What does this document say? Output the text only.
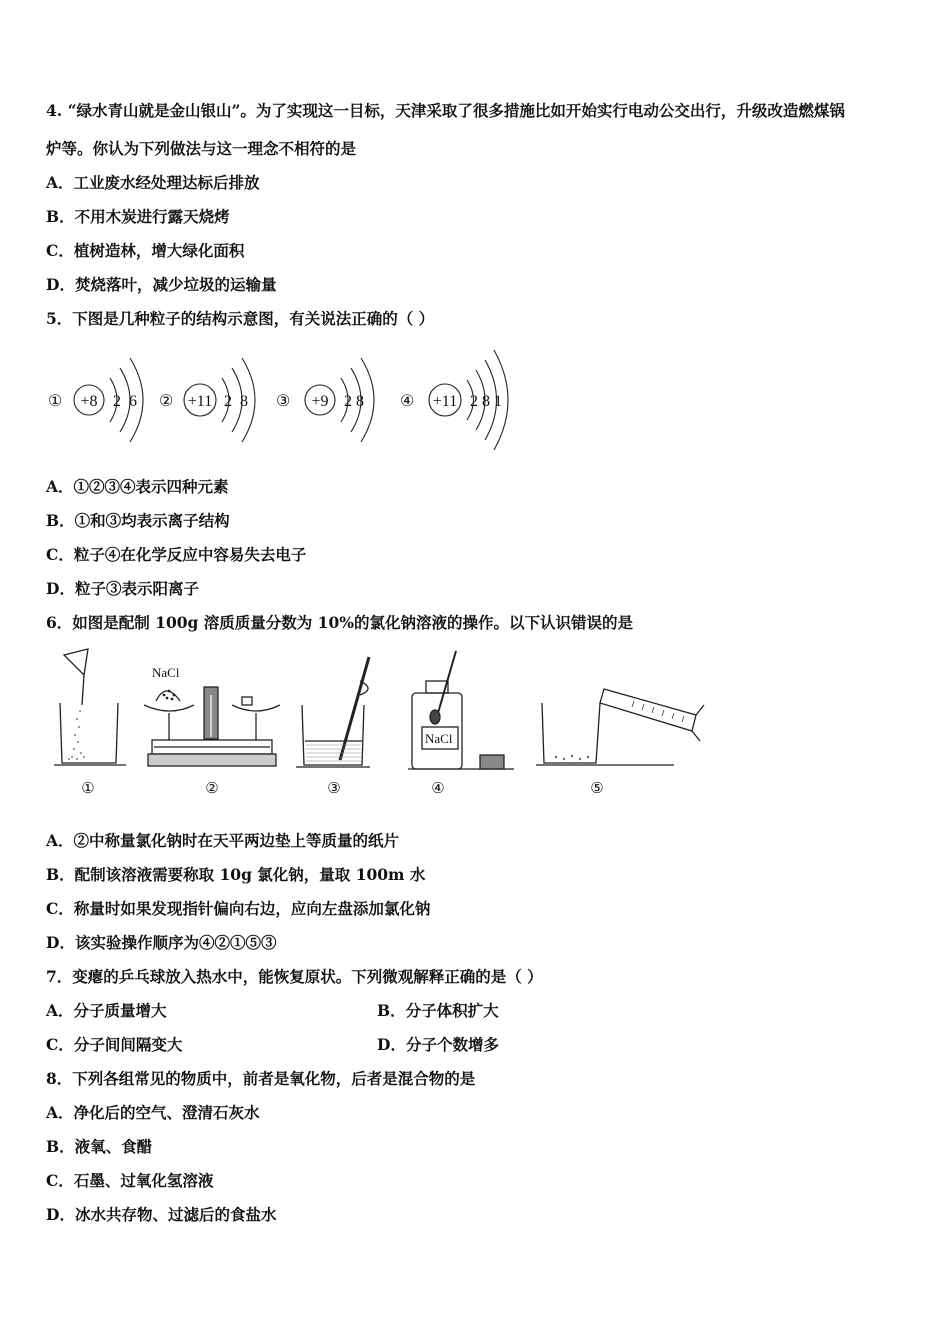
4. “绿水青山就是金山银山”。为了实现这一目标，天津采取了很多措施比如开始实行电动公交出行，升级改造燃煤锅
炉等。你认为下列做法与这一理念不相符的是
A．工业废水经处理达标后排放
B．不用木炭进行露天烧烤
C．植树造林，增大绿化面积
D．焚烧落叶，减少垃圾的运输量
5．下图是几种粒子的结构示意图，有关说法正确的（ ）
① +8 2  6 ② +11 2  8 ③ +9 2 8 ④ +11 2 8 1
A．①②③④表示四种元素
B．①和③均表示离子结构
C．粒子④在化学反应中容易失去电子
D．粒子③表示阳离子
6．如图是配制 100g 溶质质量分数为 10%的氯化钠溶液的操作。以下认识错误的是
NaCl
NaCl
①	②	③	④	⑤
A．②中称量氯化钠时在天平两边垫上等质量的纸片
B．配制该溶液需要称取 10g 氯化钠，量取 100m 水
C．称量时如果发现指针偏向右边，应向左盘添加氯化钠
D．该实验操作顺序为④②①⑤③
7．变瘪的乒乓球放入热水中，能恢复原状。下列微观解释正确的是（ ）
A．分子质量增大	B．分子体积扩大
C．分子间间隔变大	D．分子个数增多
8．下列各组常见的物质中，前者是氧化物，后者是混合物的是
A．净化后的空气、澄清石灰水
B．液氧、食醋
C．石墨、过氧化氢溶液
D．冰水共存物、过滤后的食盐水
